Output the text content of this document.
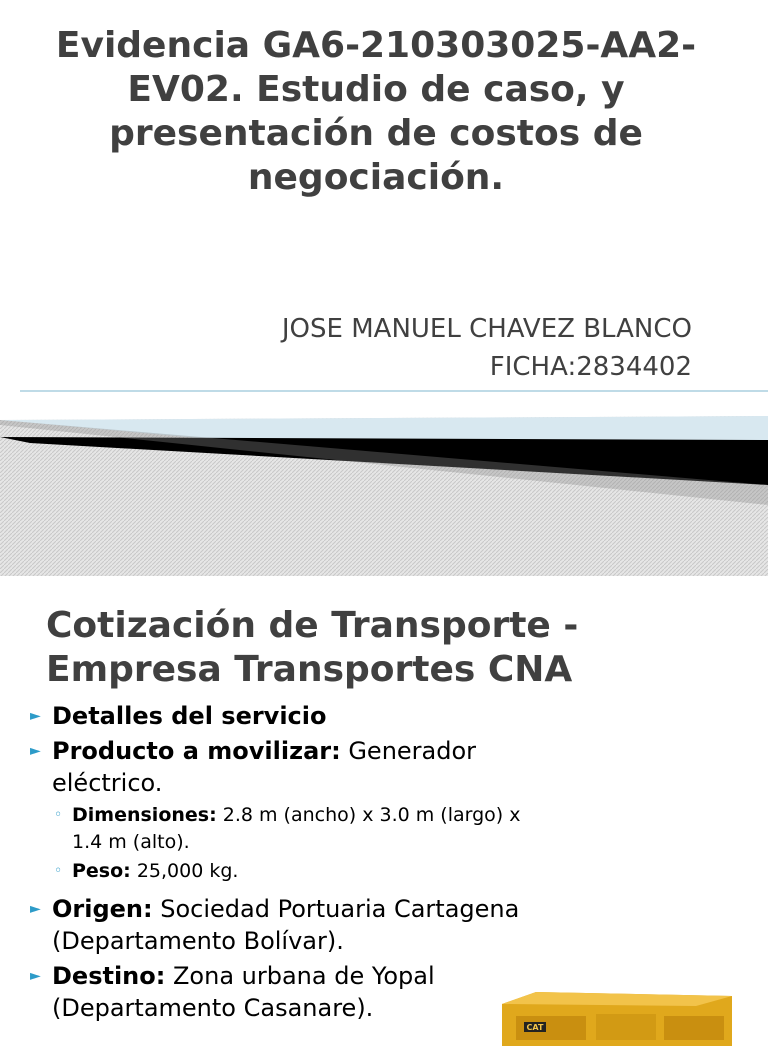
Evidencia GA6-210303025-AA2-EV02. Estudio de caso, y presentación de costos de negociación.

JOSE MANUEL CHAVEZ BLANCO
FICHA:2834402

Cotización de Transporte - Empresa Transportes CNA
► Detalles del servicio
► Producto a movilizar: Generador eléctrico.
◦ Dimensiones: 2.8 m (ancho) x 3.0 m (largo) x 1.4 m (alto).
◦ Peso: 25,000 kg.
► Origen: Sociedad Portuaria Cartagena (Departamento Bolívar).
► Destino: Zona urbana de Yopal (Departamento Casanare).
CAT
